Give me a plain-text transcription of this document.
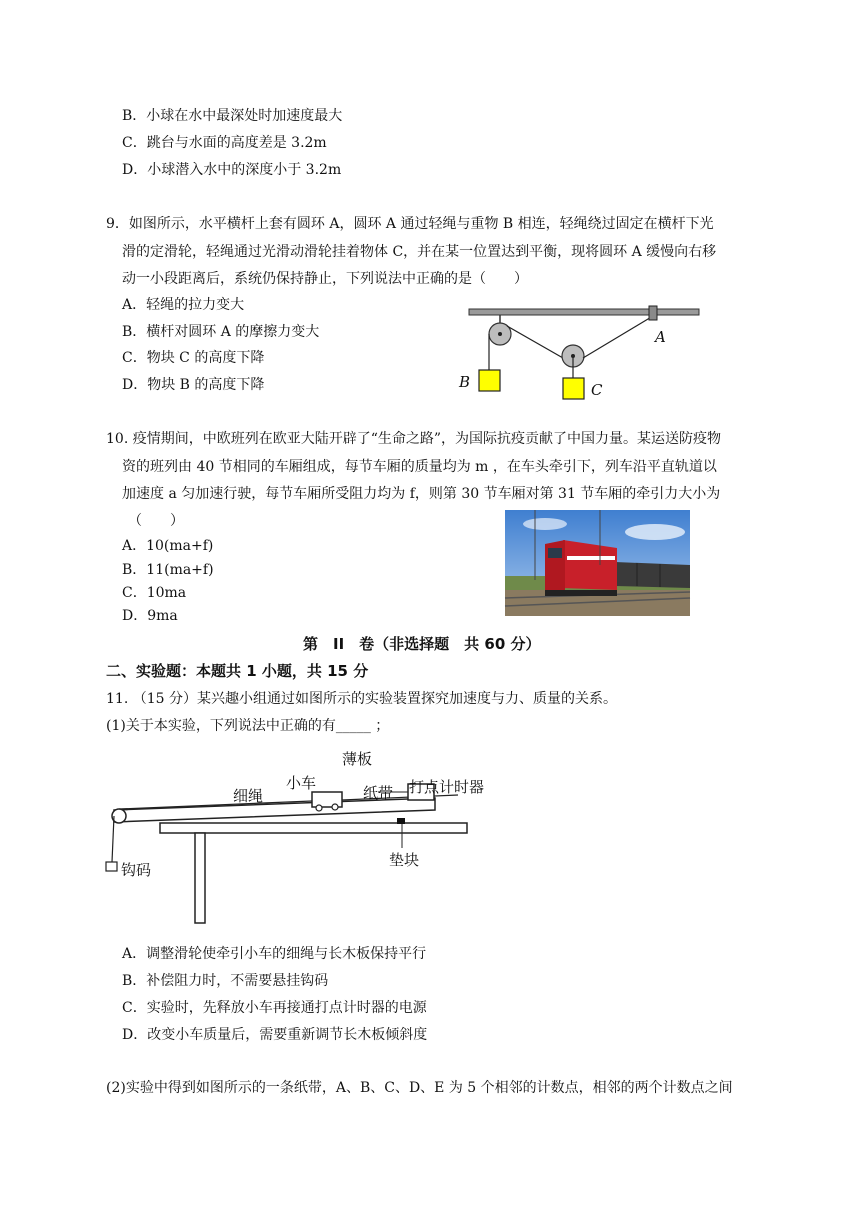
B．小球在水中最深处时加速度最大
C．跳台与水面的高度差是 3.2m
D．小球潜入水中的深度小于 3.2m
9．如图所示，水平横杆上套有圆环 A，圆环 A 通过轻绳与重物 B 相连，轻绳绕过固定在横杆下光
滑的定滑轮，轻绳通过光滑动滑轮挂着物体 C，并在某一位置达到平衡，现将圆环 A 缓慢向右移
动一小段距离后，系统仍保持静止，下列说法中正确的是（　　）
A．轻绳的拉力变大
B．横杆对圆环 A 的摩擦力变大
C．物块 C 的高度下降
D．物块 B 的高度下降
A
B	C
10. 疫情期间，中欧班列在欧亚大陆开辟了“生命之路”，为国际抗疫贡献了中国力量。某运送防疫物
资的班列由 40 节相同的车厢组成，每节车厢的质量均为 m ，在车头牵引下，列车沿平直轨道以
加速度 a 匀加速行驶，每节车厢所受阻力均为 f，则第 30 节车厢对第 31 节车厢的牵引力大小为
（　　）
A．10(ma+f)
B．11(ma+f)
C．10ma
D．9ma
第　II　卷（非选择题　共 60 分）
二、实验题：本题共 1 小题，共 15 分
11. （15 分）某兴趣小组通过如图所示的实验装置探究加速度与力、质量的关系。
(1)关于本实验，下列说法中正确的有_____ ；
薄板
小车
细绳	纸带 打点计时器
钩码
垫块
A．调整滑轮使牵引小车的细绳与长木板保持平行
B．补偿阻力时，不需要悬挂钩码
C．实验时，先释放小车再接通打点计时器的电源
D．改变小车质量后，需要重新调节长木板倾斜度
(2)实验中得到如图所示的一条纸带，A、B、C、D、E 为 5 个相邻的计数点，相邻的两个计数点之间
